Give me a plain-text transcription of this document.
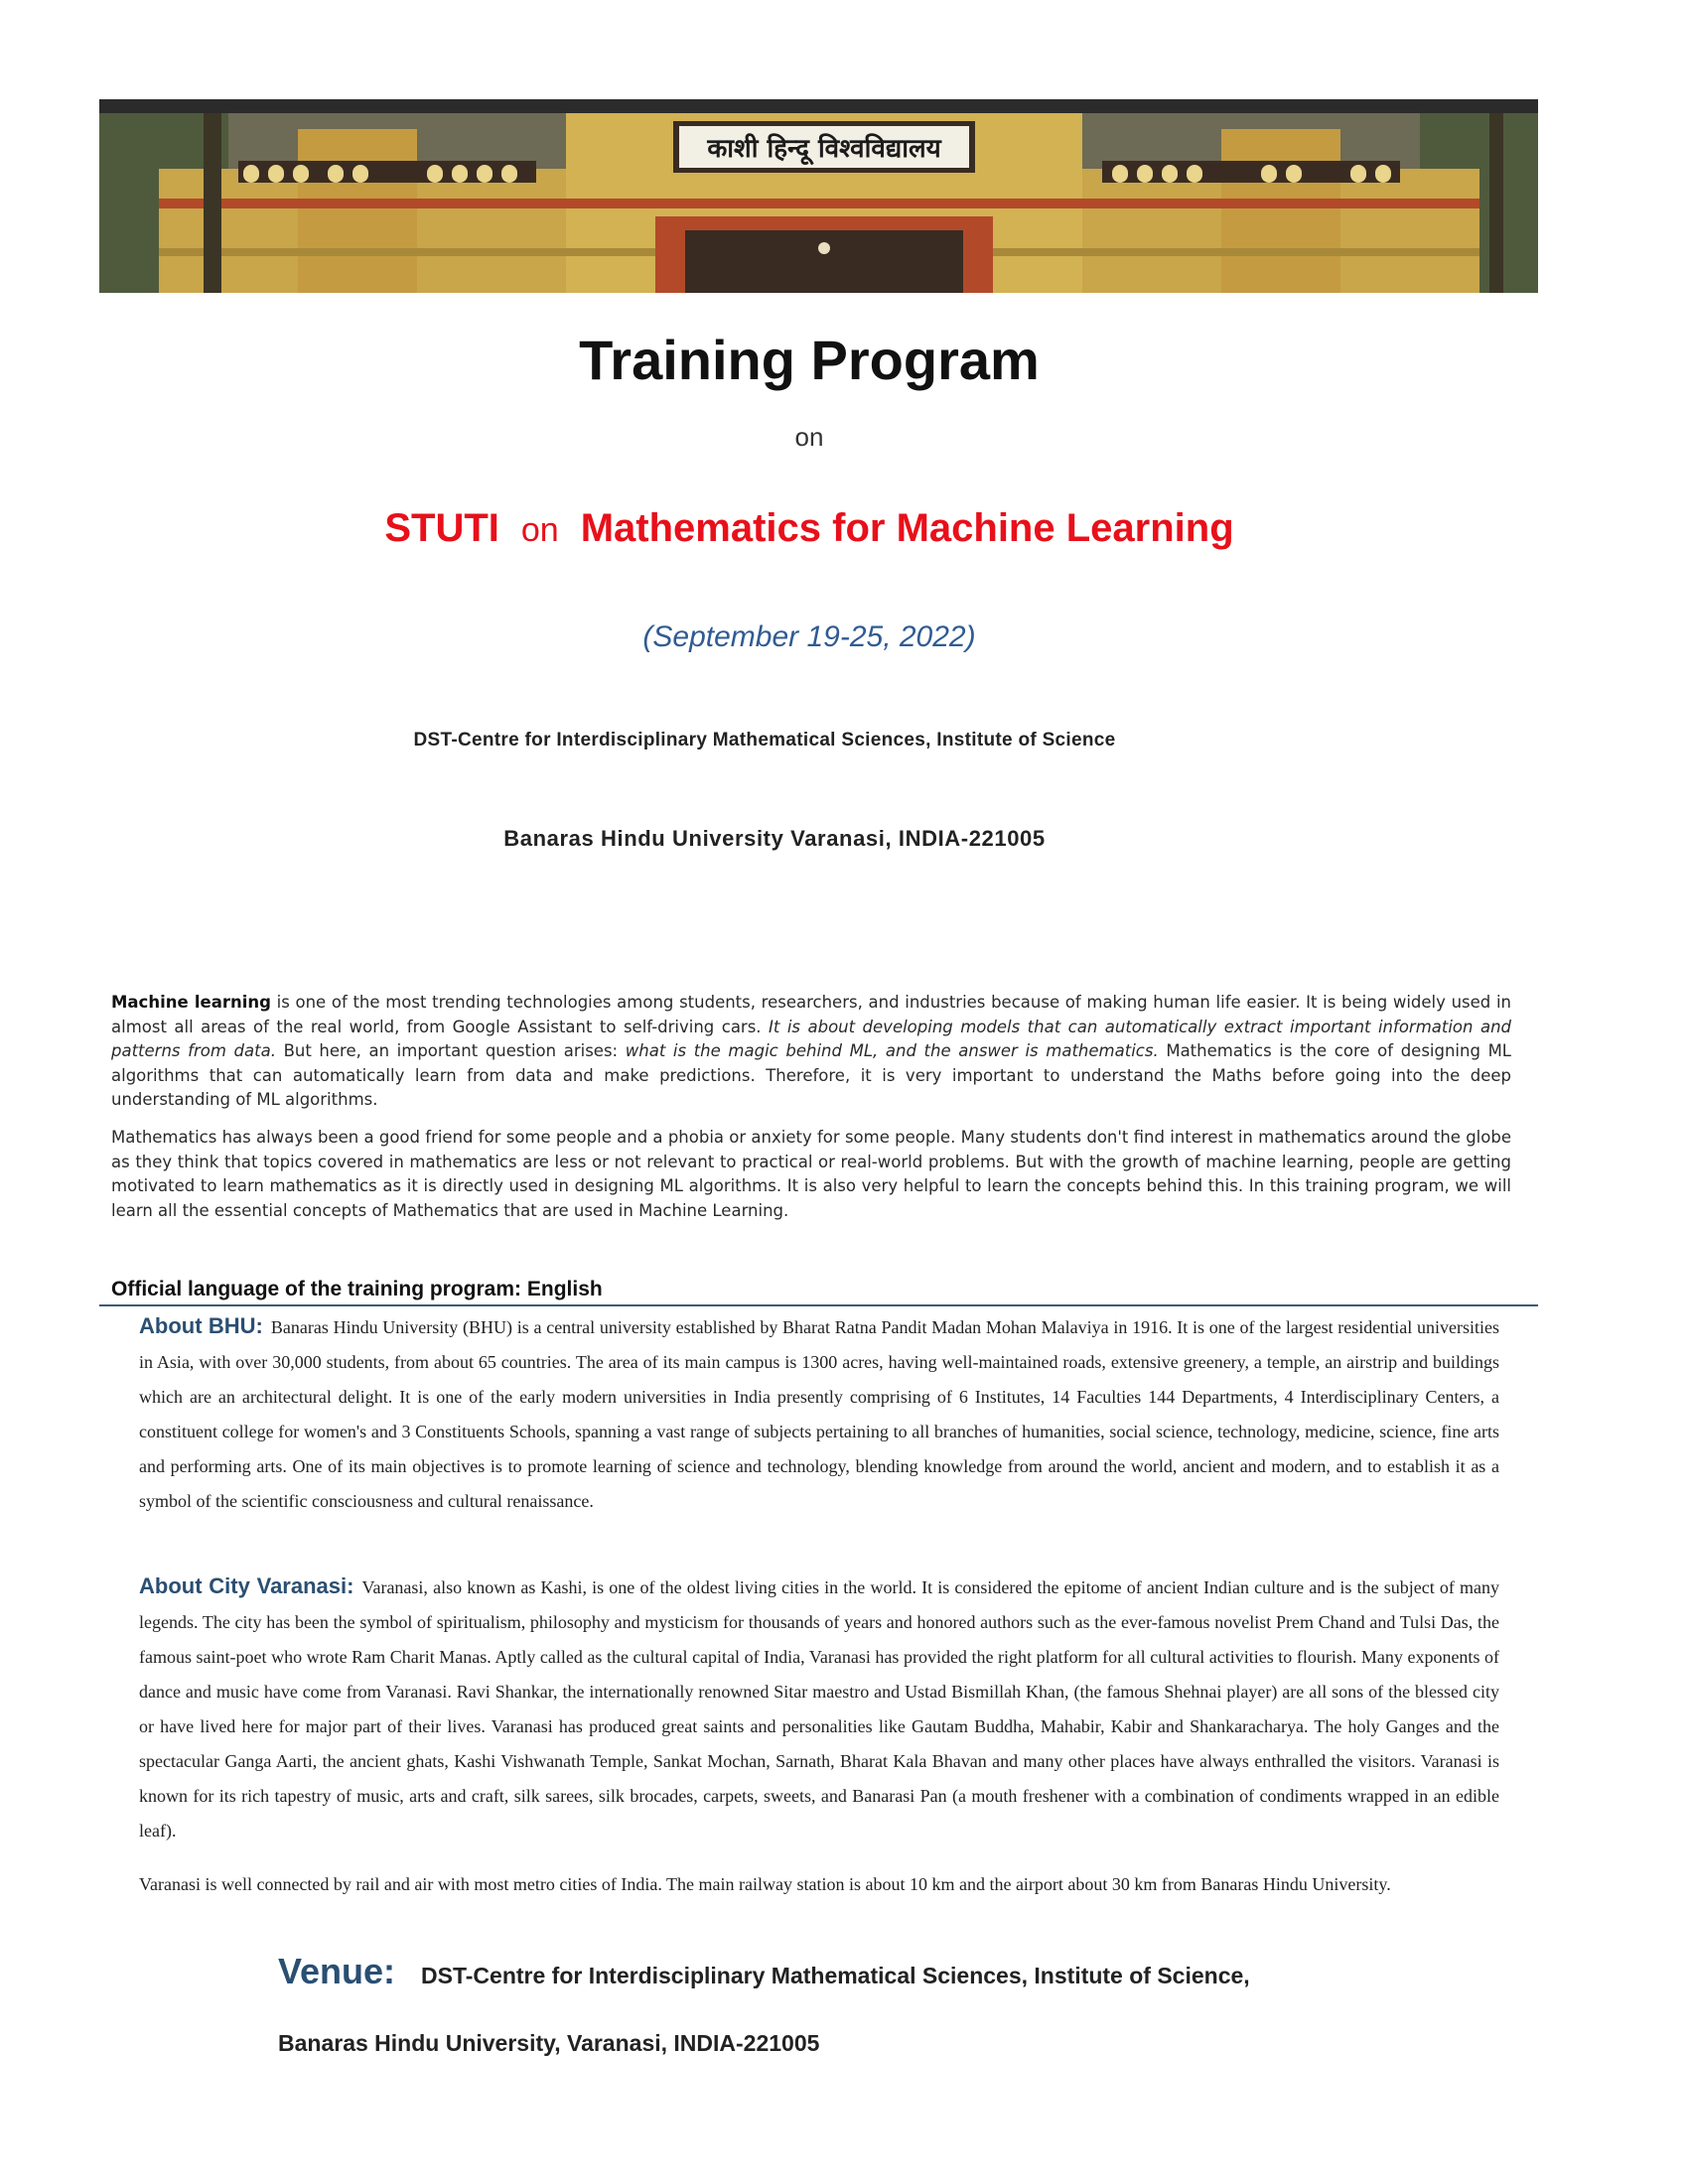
काशी हिन्दू विश्वविद्यालय
Training Program
on
STUTI on Mathematics for Machine Learning
(September 19-25, 2022)
DST-Centre for Interdisciplinary Mathematical Sciences, Institute of Science
Banaras Hindu University Varanasi, INDIA-221005
Machine learning is one of the most trending technologies among students, researchers, and industries because of making human life easier. It is being widely used in almost all areas of the real world, from Google Assistant to self-driving cars. It is about developing models that can automatically extract important information and patterns from data. But here, an important question arises: what is the magic behind ML, and the answer is mathematics. Mathematics is the core of designing ML algorithms that can automatically learn from data and make predictions. Therefore, it is very important to understand the Maths before going into the deep understanding of ML algorithms.
Mathematics has always been a good friend for some people and a phobia or anxiety for some people. Many students don't find interest in mathematics around the globe as they think that topics covered in mathematics are less or not relevant to practical or real-world problems. But with the growth of machine learning, people are getting motivated to learn mathematics as it is directly used in designing ML algorithms. It is also very helpful to learn the concepts behind this. In this training program, we will learn all the essential concepts of Mathematics that are used in Machine Learning.
Official language of the training program: English
About BHU: Banaras Hindu University (BHU) is a central university established by Bharat Ratna Pandit Madan Mohan Malaviya in 1916. It is one of the largest residential universities in Asia, with over 30,000 students, from about 65 countries. The area of its main campus is 1300 acres, having well-maintained roads, extensive greenery, a temple, an airstrip and buildings which are an architectural delight. It is one of the early modern universities in India presently comprising of 6 Institutes, 14 Faculties 144 Departments, 4 Interdisciplinary Centers, a constituent college for women's and 3 Constituents Schools, spanning a vast range of subjects pertaining to all branches of humanities, social science, technology, medicine, science, fine arts and performing arts. One of its main objectives is to promote learning of science and technology, blending knowledge from around the world, ancient and modern, and to establish it as a symbol of the scientific consciousness and cultural renaissance.
About City Varanasi: Varanasi, also known as Kashi, is one of the oldest living cities in the world. It is considered the epitome of ancient Indian culture and is the subject of many legends. The city has been the symbol of spiritualism, philosophy and mysticism for thousands of years and honored authors such as the ever-famous novelist Prem Chand and Tulsi Das, the famous saint-poet who wrote Ram Charit Manas. Aptly called as the cultural capital of India, Varanasi has provided the right platform for all cultural activities to flourish. Many exponents of dance and music have come from Varanasi. Ravi Shankar, the internationally renowned Sitar maestro and Ustad Bismillah Khan, (the famous Shehnai player) are all sons of the blessed city or have lived here for major part of their lives. Varanasi has produced great saints and personalities like Gautam Buddha, Mahabir, Kabir and Shankaracharya. The holy Ganges and the spectacular Ganga Aarti, the ancient ghats, Kashi Vishwanath Temple, Sankat Mochan, Sarnath, Bharat Kala Bhavan and many other places have always enthralled the visitors. Varanasi is known for its rich tapestry of music, arts and craft, silk sarees, silk brocades, carpets, sweets, and Banarasi Pan (a mouth freshener with a combination of condiments wrapped in an edible leaf).
Varanasi is well connected by rail and air with most metro cities of India. The main railway station is about 10 km and the airport about 30 km from Banaras Hindu University.
Venue: DST-Centre for Interdisciplinary Mathematical Sciences, Institute of Science,
Banaras Hindu University, Varanasi, INDIA-221005
